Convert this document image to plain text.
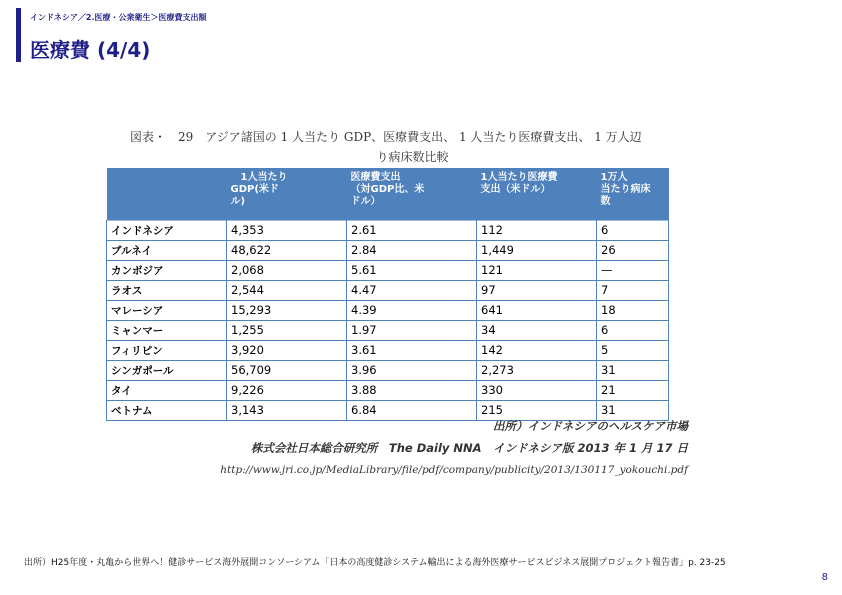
インドネシア／2.医療・公衆衛生＞医療費支出額
医療費 (4/4)
図表・　29　アジア諸国の 1 人当たり GDP、医療費支出、 1 人当たり医療費支出、 1 万人辺
り病床数比較

	　1人当たり
GDP(米ド
ル)	医療費支出
（対GDP比、米
ドル）	1人当たり医療費
支出（米ドル）	1万人
当たり病床
数

インドネシア	4,353	2.61	112	6
ブルネイ	48,622	2.84	1,449	26
カンボジア	2,068	5.61	121	—
ラオス	2,544	4.47	97	7
マレーシア	15,293	4.39	641	18
ミャンマー	1,255	1.97	34	6
フィリピン	3,920	3.61	142	5
シンガポール	56,709	3.96	2,273	31
タイ	9,226	3.88	330	21
ベトナム	3,143	6.84	215	31
出所）インドネシアのヘルスケア市場
株式会社日本総合研究所　The Daily NNA　インドネシア版 2013 年 1 月 17 日
http://www.jri.co.jp/MediaLibrary/file/pdf/company/publicity/2013/130117_yokouchi.pdf
出所）H25年度・丸亀から世界へ！健診サービス海外展開コンソーシアム「日本の高度健診システム輸出による海外医療サービスビジネス展開プロジェクト報告書」p. 23-25
8
